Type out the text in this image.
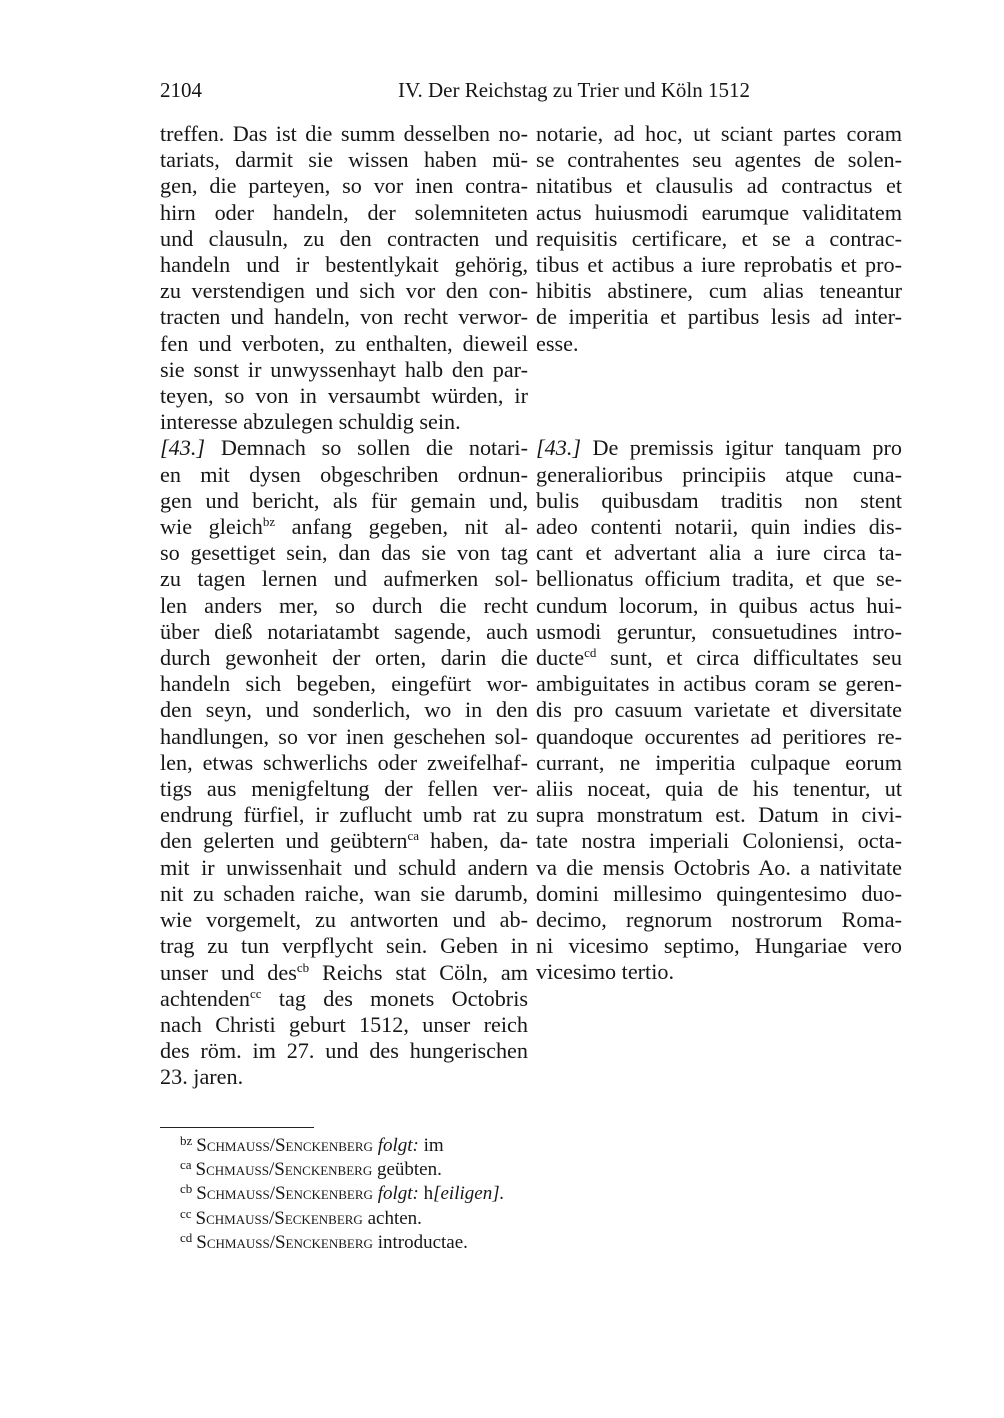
2104	IV. Der Reichstag zu Trier und Köln 1512
treffen. Das ist die summ desselben no-
tariats, darmit sie wissen haben mü-
gen, die parteyen, so vor inen contra-
hirn oder handeln, der solemniteten
und clausuln, zu den contracten und
handeln und ir bestentlykait gehörig,
zu verstendigen und sich vor den con-
tracten und handeln, von recht verwor-
fen und verboten, zu enthalten, dieweil
sie sonst ir unwyssenhayt halb den par-
teyen, so von in versaumbt würden, ir
interesse abzulegen schuldig sein.
[43.] Demnach so sollen die notari-
en mit dysen obgeschriben ordnun-
gen und bericht, als für gemain und,
wie gleich$^{bz}$ anfang gegeben, nit al-
so gesettiget sein, dan das sie von tag
zu tagen lernen und aufmerken sol-
len anders mer, so durch die recht
über dieß notariatambt sagende, auch
durch gewonheit der orten, darin die
handeln sich begeben, eingefürt wor-
den seyn, und sonderlich, wo in den
handlungen, so vor inen geschehen sol-
len, etwas schwerlichs oder zweifelhaf-
tigs aus menigfeltung der fellen ver-
endrung fürfiel, ir zuflucht umb rat zu
den gelerten und geübtern$^{ca}$ haben, da-
mit ir unwissenhait und schuld andern
nit zu schaden raiche, wan sie darumb,
wie vorgemelt, zu antworten und ab-
trag zu tun verpflycht sein. Geben in
unser und des$^{cb}$ Reichs stat Cöln, am
achtenden$^{cc}$ tag des monets Octobris
nach Christi geburt 1512, unser reich
des röm. im 27. und des hungerischen
23. jaren.
notarie, ad hoc, ut sciant partes coram
se contrahentes seu agentes de solen-
nitatibus et clausulis ad contractus et
actus huiusmodi earumque validitatem
requisitis certificare, et se a contrac-
tibus et actibus a iure reprobatis et pro-
hibitis abstinere, cum alias teneantur
de imperitia et partibus lesis ad inter-
esse.
[43.] De premissis igitur tanquam pro
generalioribus principiis atque cuna-
bulis quibusdam traditis non stent
adeo contenti notarii, quin indies dis-
cant et advertant alia a iure circa ta-
bellionatus officium tradita, et que se-
cundum locorum, in quibus actus hui-
usmodi geruntur, consuetudines intro-
ducte$^{cd}$ sunt, et circa difficultates seu
ambiguitates in actibus coram se geren-
dis pro casuum varietate et diversitate
quandoque occurentes ad peritiores re-
currant, ne imperitia culpaque eorum
aliis noceat, quia de his tenentur, ut
supra monstratum est. Datum in civi-
tate nostra imperiali Coloniensi, octa-
va die mensis Octobris Ao. a nativitate
domini millesimo quingentesimo duo-
decimo, regnorum nostrorum Roma-
ni vicesimo septimo, Hungariae vero
vicesimo tertio.
$^{bz}$ Schmauss/Senckenberg folgt: im
$^{ca}$ Schmauss/Senckenberg geübten.
$^{cb}$ Schmauss/Senckenberg folgt: h[eiligen].
$^{cc}$ Schmauss/Seckenberg achten.
$^{cd}$ Schmauss/Senckenberg introductae.
